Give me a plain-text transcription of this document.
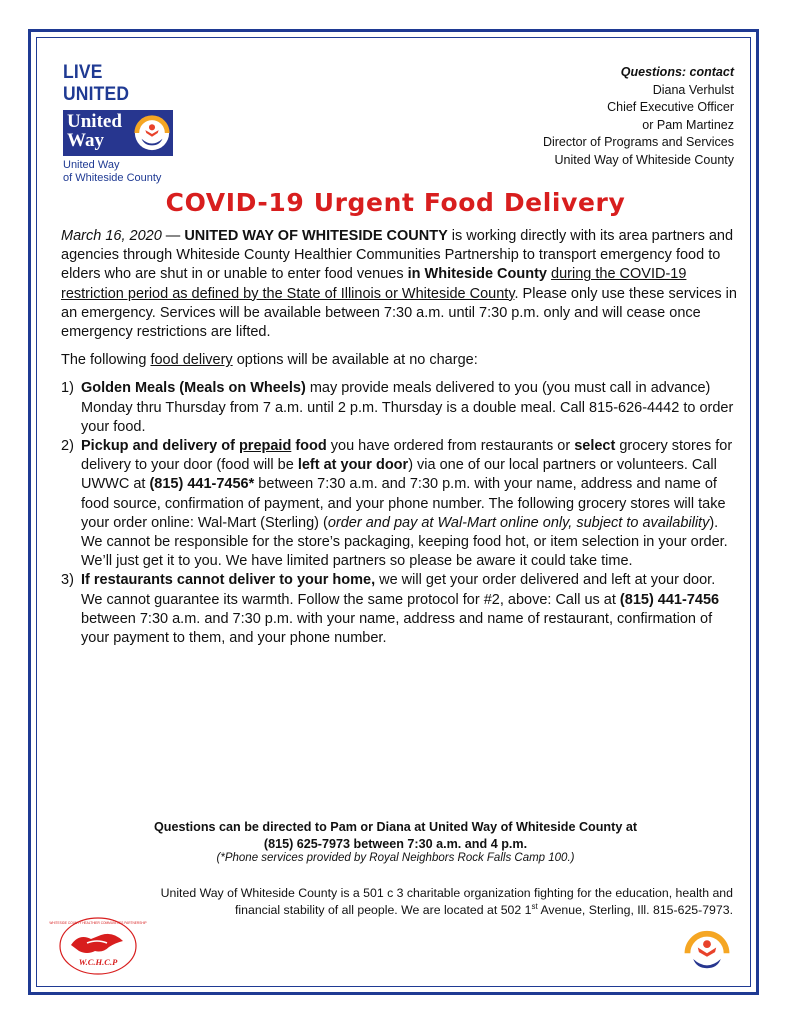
LIVE UNITED
United
Way
United Way
of Whiteside County
Questions: contact
Diana Verhulst
Chief Executive Officer
or Pam Martinez
Director of Programs and Services
United Way of Whiteside County
COVID-19 Urgent Food Delivery

March 16, 2020 — UNITED WAY OF WHITESIDE COUNTY is working directly with its area partners and agencies through Whiteside County Healthier Communities Partnership to transport emergency food to elders who are shut in or unable to enter food venues in Whiteside County during the COVID-19 restriction period as defined by the State of Illinois or Whiteside County. Please only use these services in an emergency. Services will be available between 7:30 a.m. until 7:30 p.m. only and will cease once emergency restrictions are lifted.

The following food delivery options will be available at no charge:

1) Golden Meals (Meals on Wheels) may provide meals delivered to you (you must call in advance) Monday thru Thursday from 7 a.m. until 2 p.m. Thursday is a double meal. Call 815-626-4442 to order your food.
2) Pickup and delivery of prepaid food you have ordered from restaurants or select grocery stores for delivery to your door (food will be left at your door) via one of our local partners or volunteers. Call UWWC at (815) 441-7456* between 7:30 a.m. and 7:30 p.m. with your name, address and name of food source, confirmation of payment, and your phone number. The following grocery stores will take your order online: Wal-Mart (Sterling) (order and pay at Wal-Mart online only, subject to availability). We cannot be responsible for the store’s packaging, keeping food hot, or item selection in your order. We’ll just get it to you. We have limited partners so please be aware it could take time.
3) If restaurants cannot deliver to your home, we will get your order delivered and left at your door. We cannot guarantee its warmth. Follow the same protocol for #2, above: Call us at (815) 441-7456 between 7:30 a.m. and 7:30 p.m. with your name, address and name of restaurant, confirmation of your payment to them, and your phone number.
Questions can be directed to Pam or Diana at United Way of Whiteside County at
(815) 625-7973 between 7:30 a.m. and 4 p.m.
(*Phone services provided by Royal Neighbors Rock Falls Camp 100.)
United Way of Whiteside County is a 501 c 3 charitable organization fighting for the education, health and
financial stability of all people. We are located at 502 1st Avenue, Sterling, Ill. 815-625-7973.
W.C.H.C.P
WHITESIDE COUNTY HEALTHIER COMMUNITIES PARTNERSHIP
